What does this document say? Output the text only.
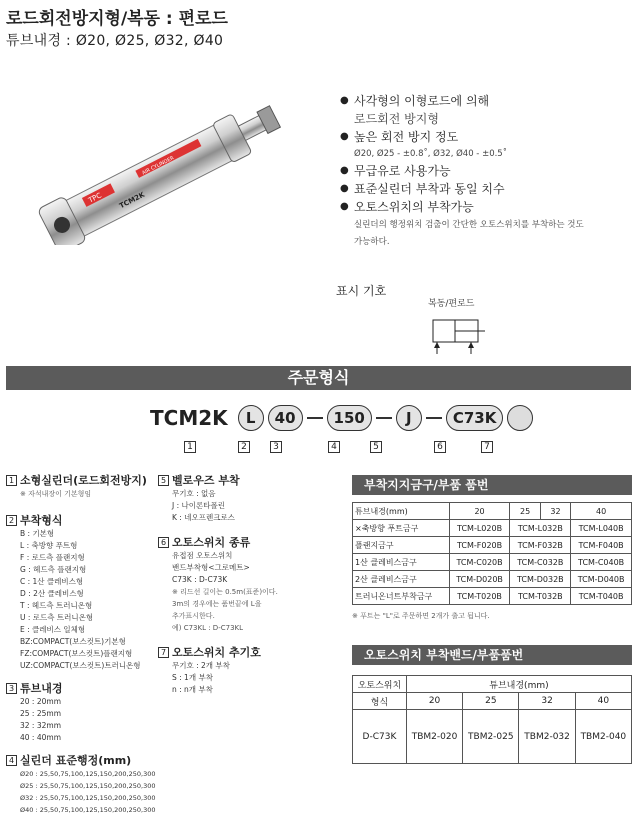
로드회전방지형/복동 : 편로드
튜브내경 : Ø20, Ø25, Ø32, Ø40
TPC
AIR CYLINDER
TCM2K
● 사각형의 이형로드에 의해
로드회전 방지형
● 높은 회전 방지 정도
Ø20, Ø25 - ±0.8˚, Ø32, Ø40 - ±0.5˚
● 무급유로 사용가능
● 표준실린더 부착과 동일 치수
● 오토스위치의 부착가능
실린더의 행정위치 검출이 간단한 오토스위치를 부착하는 것도
가능하다.
표시 기호
복동/편로드
주문형식
TCM2K	L	40	150	J	C73K
1	2	3	4	5	6	7
1 소형실린더(로드회전방지)
※ 자석내장이 기본형임
2 부착형식
B : 기본형
L : 축방향 푸트형
F : 로드측 플랜지형
G : 헤드측 플랜지형
C : 1산 클레비스형
D : 2산 클레비스형
T : 헤드측 트러니온형
U : 로드측 트러니온형
E : 클레비스 일체형
BZ:COMPACT(보스컷트)기본형
FZ:COMPACT(보스컷트)플랜지형
UZ:COMPACT(보스컷트)트러니온형
3 튜브내경
20 : 20mm
25 : 25mm
32 : 32mm
40 : 40mm
4 실린더 표준행정(mm)
Ø20 : 25,50,75,100,125,150,200,250,300
Ø25 : 25,50,75,100,125,150,200,250,300
Ø32 : 25,50,75,100,125,150,200,250,300
Ø40 : 25,50,75,100,125,150,200,250,300
5 벨로우즈 부착
무기호 : 없음
J : 나이론타폴린
K : 네오프렌크로스
6 오토스위치 종류
유접점 오토스위치
밴드부착형<그로메트>
C73K : D-C73K
※ 리드선 길이는 0.5m(표준)이다.
3m의 경우에는 품번끝에 L을
추가표시한다.
예) C73KL : D-C73KL
7 오토스위치 추기호
무기호 : 2개 부착
S : 1개 부착
n : n개 부착
부착지지금구/부품 품번
튜브내경(mm)	20	25	32	40
×축방향 푸트금구	TCM-L020B	TCM-L032B		TCM-L040B
플랜지금구	TCM-F020B	TCM-F032B		TCM-F040B
1산 클레비스금구	TCM-C020B	TCM-C032B		TCM-C040B
2산 클레비스금구	TCM-D020B	TCM-D032B		TCM-D040B
트러니온너트부착금구	TCM-T020B	TCM-T032B		TCM-T040B
※ 푸트는 "L"로 주문하면 2개가 출고 됩니다.
오토스위치 부착밴드/부품품번
오토스위치	튜브내경(mm)			
형식	20	25	32	40
D-C73K	TBM2-020	TBM2-025	TBM2-032	TBM2-040
